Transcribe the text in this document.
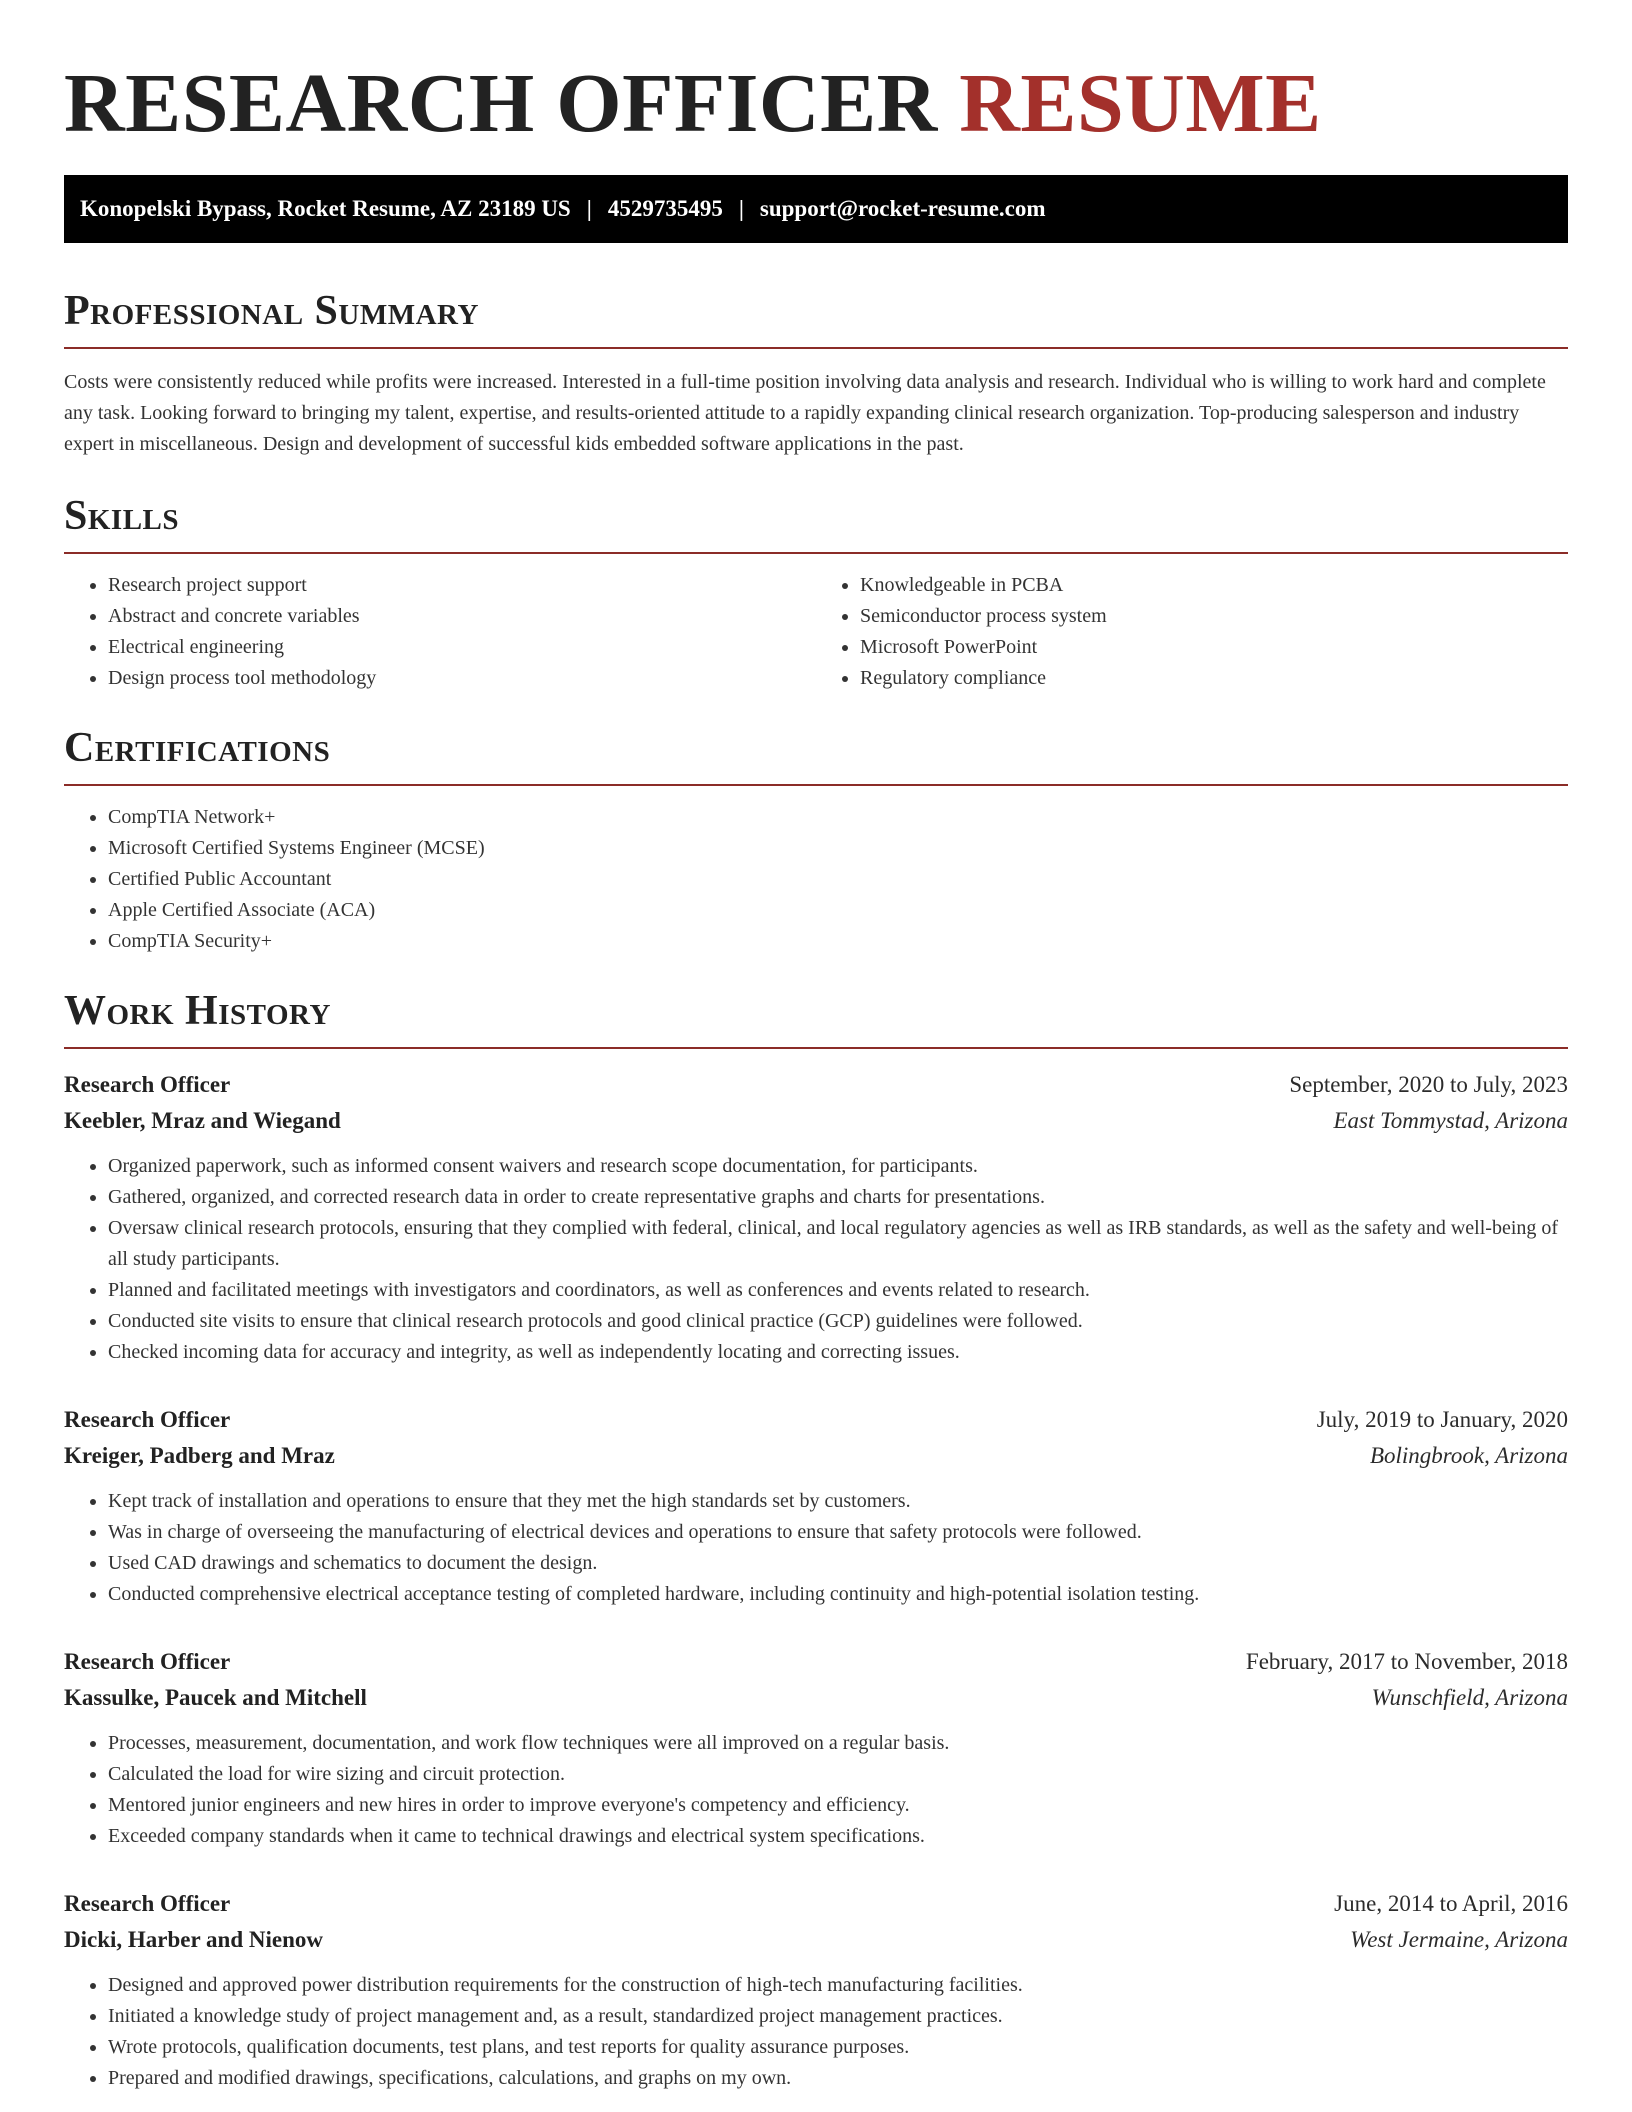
RESEARCH OFFICER RESUME
Konopelski Bypass, Rocket Resume, AZ 23189 US | 4529735495 | support@rocket-resume.com
Professional Summary

Costs were consistently reduced while profits were increased. Interested in a full-time position involving data analysis and research. Individual who is willing to work hard and complete any task. Looking forward to bringing my talent, expertise, and results-oriented attitude to a rapidly expanding clinical research organization. Top-producing salesperson and industry expert in miscellaneous. Design and development of successful kids embedded software applications in the past.

Skills
• Research project support
• Abstract and concrete variables
• Electrical engineering
• Design process tool methodology
• Knowledgeable in PCBA
• Semiconductor process system
• Microsoft PowerPoint
• Regulatory compliance
Certifications
• CompTIA Network+
• Microsoft Certified Systems Engineer (MCSE)
• Certified Public Accountant
• Apple Certified Associate (ACA)
• CompTIA Security+
Work History
Research Officer	September, 2020 to July, 2023
Keebler, Mraz and Wiegand	East Tommystad, Arizona
• Organized paperwork, such as informed consent waivers and research scope documentation, for participants.
• Gathered, organized, and corrected research data in order to create representative graphs and charts for presentations.
• Oversaw clinical research protocols, ensuring that they complied with federal, clinical, and local regulatory agencies as well as IRB standards, as well as the safety and well-being of all study participants.
• Planned and facilitated meetings with investigators and coordinators, as well as conferences and events related to research.
• Conducted site visits to ensure that clinical research protocols and good clinical practice (GCP) guidelines were followed.
• Checked incoming data for accuracy and integrity, as well as independently locating and correcting issues.
Research Officer	July, 2019 to January, 2020
Kreiger, Padberg and Mraz	Bolingbrook, Arizona
• Kept track of installation and operations to ensure that they met the high standards set by customers.
• Was in charge of overseeing the manufacturing of electrical devices and operations to ensure that safety protocols were followed.
• Used CAD drawings and schematics to document the design.
• Conducted comprehensive electrical acceptance testing of completed hardware, including continuity and high-potential isolation testing.
Research Officer	February, 2017 to November, 2018
Kassulke, Paucek and Mitchell	Wunschfield, Arizona
• Processes, measurement, documentation, and work flow techniques were all improved on a regular basis.
• Calculated the load for wire sizing and circuit protection.
• Mentored junior engineers and new hires in order to improve everyone's competency and efficiency.
• Exceeded company standards when it came to technical drawings and electrical system specifications.
Research Officer	June, 2014 to April, 2016
Dicki, Harber and Nienow	West Jermaine, Arizona
• Designed and approved power distribution requirements for the construction of high-tech manufacturing facilities.
• Initiated a knowledge study of project management and, as a result, standardized project management practices.
• Wrote protocols, qualification documents, test plans, and test reports for quality assurance purposes.
• Prepared and modified drawings, specifications, calculations, and graphs on my own.
